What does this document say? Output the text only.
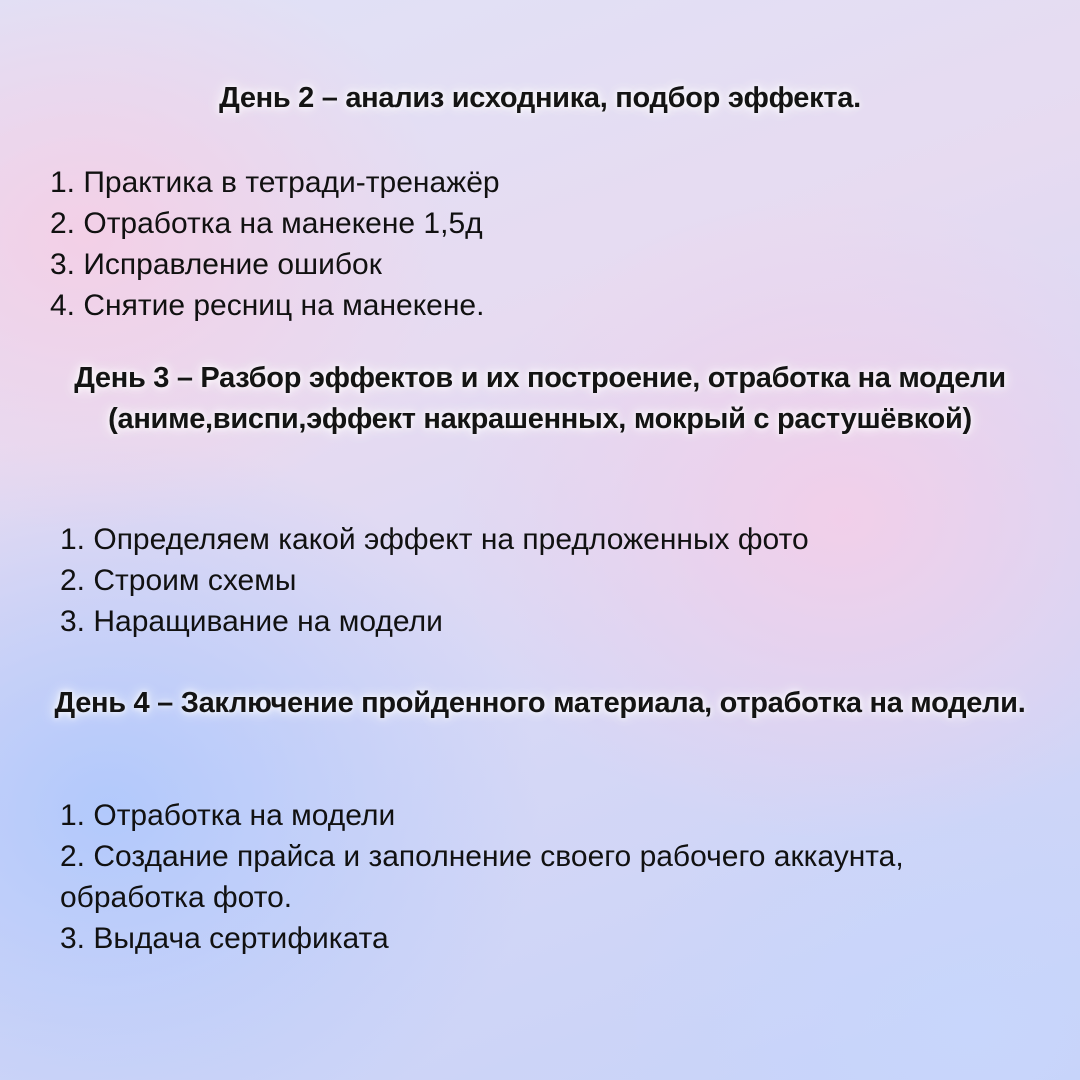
День 2 – анализ исходника, подбор эффекта.
1. Практика в тетради-тренажёр
2. Отработка на манекене 1,5д
3. Исправление ошибок
4. Снятие ресниц на манекене.
День 3 – Разбор эффектов и их построение, отработка на модели (аниме,виспи,эффект накрашенных, мокрый с растушёвкой)
1. Определяем какой эффект на предложенных фото
2. Строим схемы
3. Наращивание на модели
День 4 – Заключение пройденного материала, отработка на модели.
1. Отработка на модели
2. Создание прайса и заполнение своего рабочего аккаунта, обработка фото.
3. Выдача сертификата
